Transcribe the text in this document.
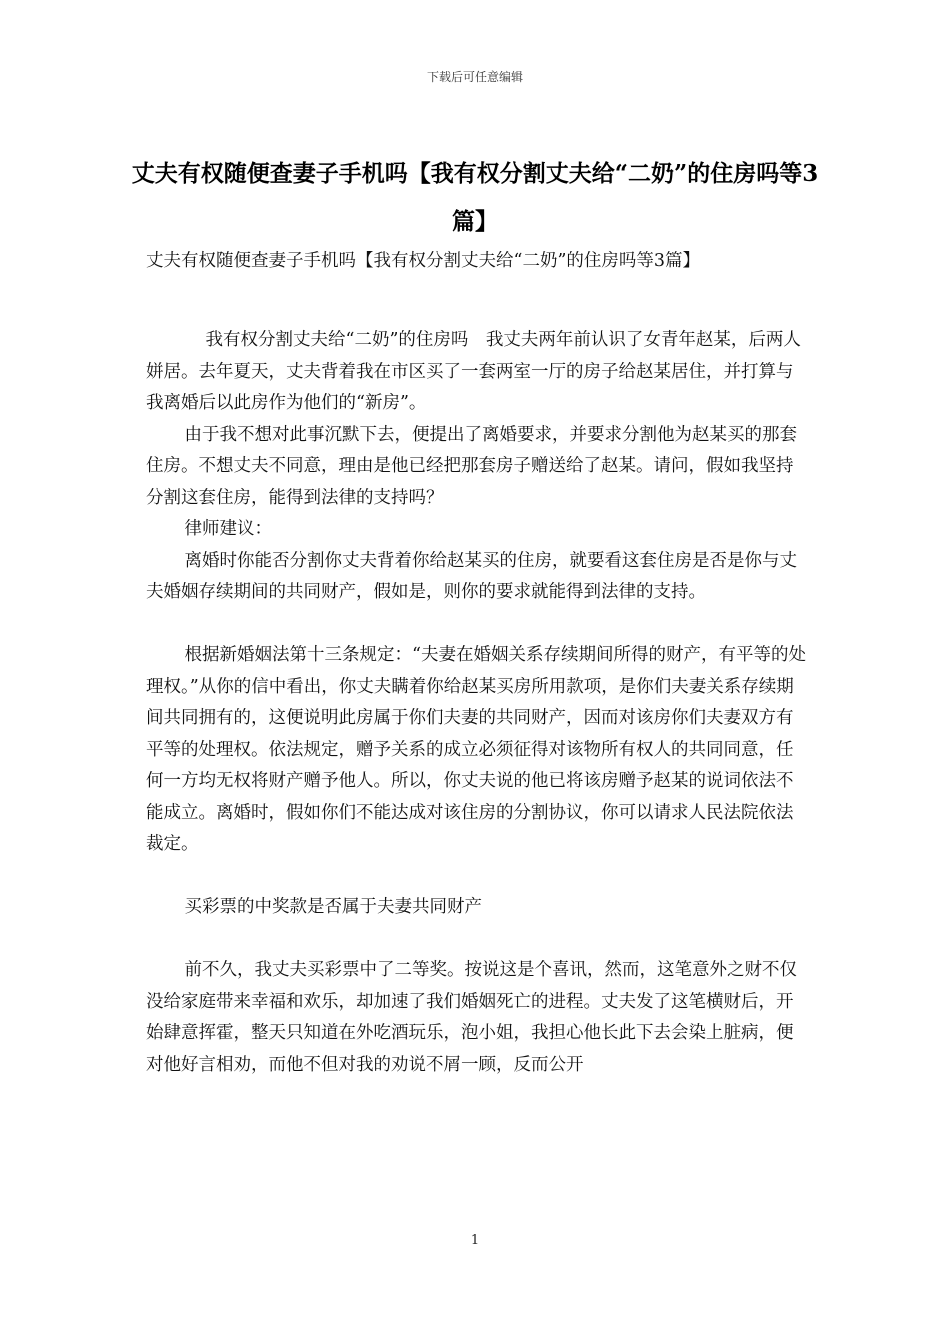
下载后可任意编辑
丈夫有权随便查妻子手机吗【我有权分割丈夫给“二奶”的住房吗等3篇】

丈夫有权随便查妻子手机吗【我有权分割丈夫给“二奶”的住房吗等3篇】

我有权分割丈夫给“二奶”的住房吗　我丈夫两年前认识了女青年赵某，后两人姘居。去年夏天，丈夫背着我在市区买了一套两室一厅的房子给赵某居住，并打算与我离婚后以此房作为他们的“新房”。

由于我不想对此事沉默下去，便提出了离婚要求，并要求分割他为赵某买的那套住房。不想丈夫不同意，理由是他已经把那套房子赠送给了赵某。请问，假如我坚持分割这套住房，能得到法律的支持吗？

律师建议：

离婚时你能否分割你丈夫背着你给赵某买的住房，就要看这套住房是否是你与丈夫婚姻存续期间的共同财产，假如是，则你的要求就能得到法律的支持。

根据新婚姻法第十三条规定：“夫妻在婚姻关系存续期间所得的财产，有平等的处理权。”从你的信中看出，你丈夫瞒着你给赵某买房所用款项，是你们夫妻关系存续期间共同拥有的，这便说明此房属于你们夫妻的共同财产，因而对该房你们夫妻双方有平等的处理权。依法规定，赠予关系的成立必须征得对该物所有权人的共同同意，任何一方均无权将财产赠予他人。所以，你丈夫说的他已将该房赠予赵某的说词依法不能成立。离婚时，假如你们不能达成对该住房的分割协议，你可以请求人民法院依法裁定。

买彩票的中奖款是否属于夫妻共同财产

前不久，我丈夫买彩票中了二等奖。按说这是个喜讯，然而，这笔意外之财不仅没给家庭带来幸福和欢乐，却加速了我们婚姻死亡的进程。丈夫发了这笔横财后，开始肆意挥霍，整天只知道在外吃酒玩乐，泡小姐，我担心他长此下去会染上脏病，便对他好言相劝，而他不但对我的劝说不屑一顾，反而公开

1
